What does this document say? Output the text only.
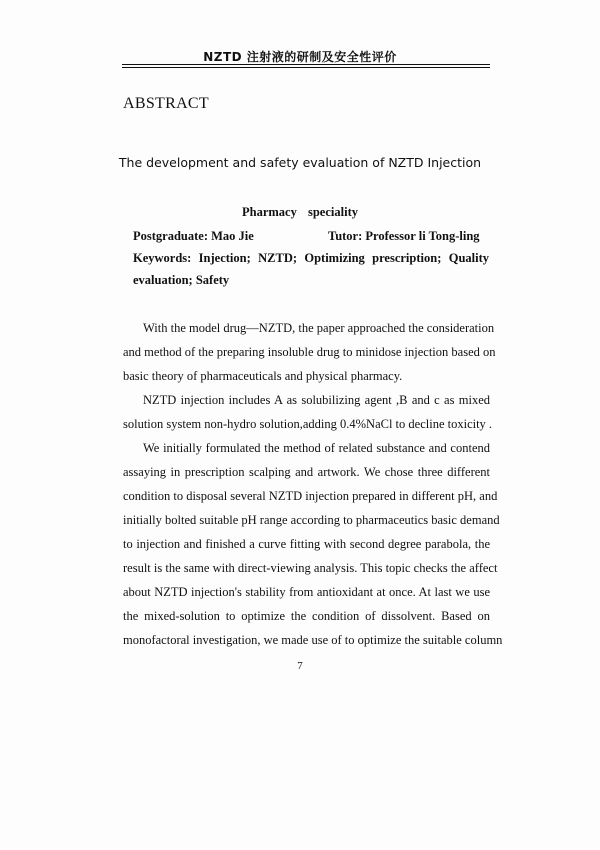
NZTD 注射液的研制及安全性评价
ABSTRACT
The development and safety evaluation of NZTD Injection
Pharmacy speciality
Postgraduate: Mao Jie	Tutor: Professor li Tong-ling
Keywords: Injection; NZTD; Optimizing prescription; Quality
evaluation; Safety
With the model drug—NZTD, the paper approached the consideration
and method of the preparing insoluble drug to minidose injection based on
basic theory of pharmaceuticals and physical pharmacy.
NZTD injection includes A as solubilizing agent ,B and c as mixed
solution system non-hydro solution,adding 0.4%NaCl to decline toxicity .
We initially formulated the method of related substance and contend
assaying in prescription scalping and artwork. We chose three different
condition to disposal several NZTD injection prepared in different pH, and
initially bolted suitable pH range according to pharmaceutics basic demand
to injection and finished a curve fitting with second degree parabola, the
result is the same with direct-viewing analysis. This topic checks the affect
about NZTD injection's stability from antioxidant at once. At last we use
the mixed-solution to optimize the condition of dissolvent. Based on
monofactoral investigation, we made use of to optimize the suitable column
7
